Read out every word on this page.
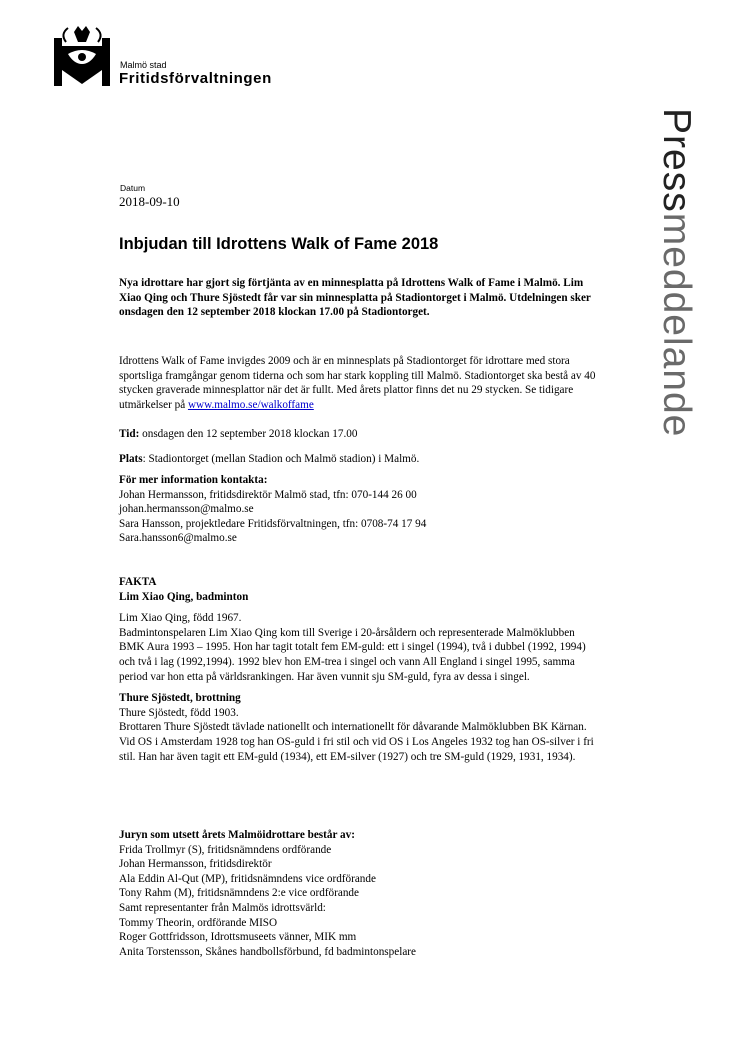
Malmö stad
Fritidsförvaltningen
Pressmeddelande
Datum
2018-09-10
Inbjudan till Idrottens Walk of Fame 2018
Nya idrottare har gjort sig förtjänta av en minnesplatta på Idrottens Walk of Fame i Malmö. Lim Xiao Qing och Thure Sjöstedt får var sin minnesplatta på Stadiontorget i Malmö. Utdelningen sker onsdagen den 12 september 2018 klockan 17.00 på Stadiontorget.
Idrottens Walk of Fame invigdes 2009 och är en minnesplats på Stadiontorget för idrottare med stora sportsliga framgångar genom tiderna och som har stark koppling till Malmö. Stadiontorget ska bestå av 40 stycken graverade minnesplattor när det är fullt. Med årets plattor finns det nu 29 stycken. Se tidigare utmärkelser på www.malmo.se/walkoffame
Tid: onsdagen den 12 september 2018 klockan 17.00
Plats: Stadiontorget (mellan Stadion och Malmö stadion) i Malmö.

För mer information kontakta:

Johan Hermansson, fritidsdirektör Malmö stad, tfn: 070-144 26 00

johan.hermansson@malmo.se

Sara Hansson, projektledare Fritidsförvaltningen, tfn: 0708-74 17 94

Sara.hansson6@malmo.se

FAKTA

Lim Xiao Qing, badminton

Lim Xiao Qing, född 1967.

Badmintonspelaren Lim Xiao Qing kom till Sverige i 20-årsåldern och representerade Malmöklubben BMK Aura 1993 – 1995. Hon har tagit totalt fem EM-guld: ett i singel (1994), två i dubbel (1992, 1994) och två i lag (1992,1994). 1992 blev hon EM-trea i singel och vann All England i singel 1995, samma period var hon etta på världsrankingen. Har även vunnit sju SM-guld, fyra av dessa i singel.

Thure Sjöstedt, brottning

Thure Sjöstedt, född 1903.

Brottaren Thure Sjöstedt tävlade nationellt och internationellt för dåvarande Malmöklubben BK Kärnan. Vid OS i Amsterdam 1928 tog han OS-guld i fri stil och vid OS i Los Angeles 1932 tog han OS-silver i fri stil. Han har även tagit ett EM-guld (1934), ett EM-silver (1927) och tre SM-guld (1929, 1931, 1934).

Juryn som utsett årets Malmöidrottare består av:

Frida Trollmyr (S), fritidsnämndens ordförande

Johan Hermansson, fritidsdirektör

Ala Eddin Al-Qut (MP), fritidsnämndens vice ordförande

Tony Rahm (M), fritidsnämndens 2:e vice ordförande

Samt representanter från Malmös idrottsvärld:

Tommy Theorin, ordförande MISO

Roger Gottfridsson, Idrottsmuseets vänner, MIK mm

Anita Torstensson, Skånes handbollsförbund, fd badmintonspelare
